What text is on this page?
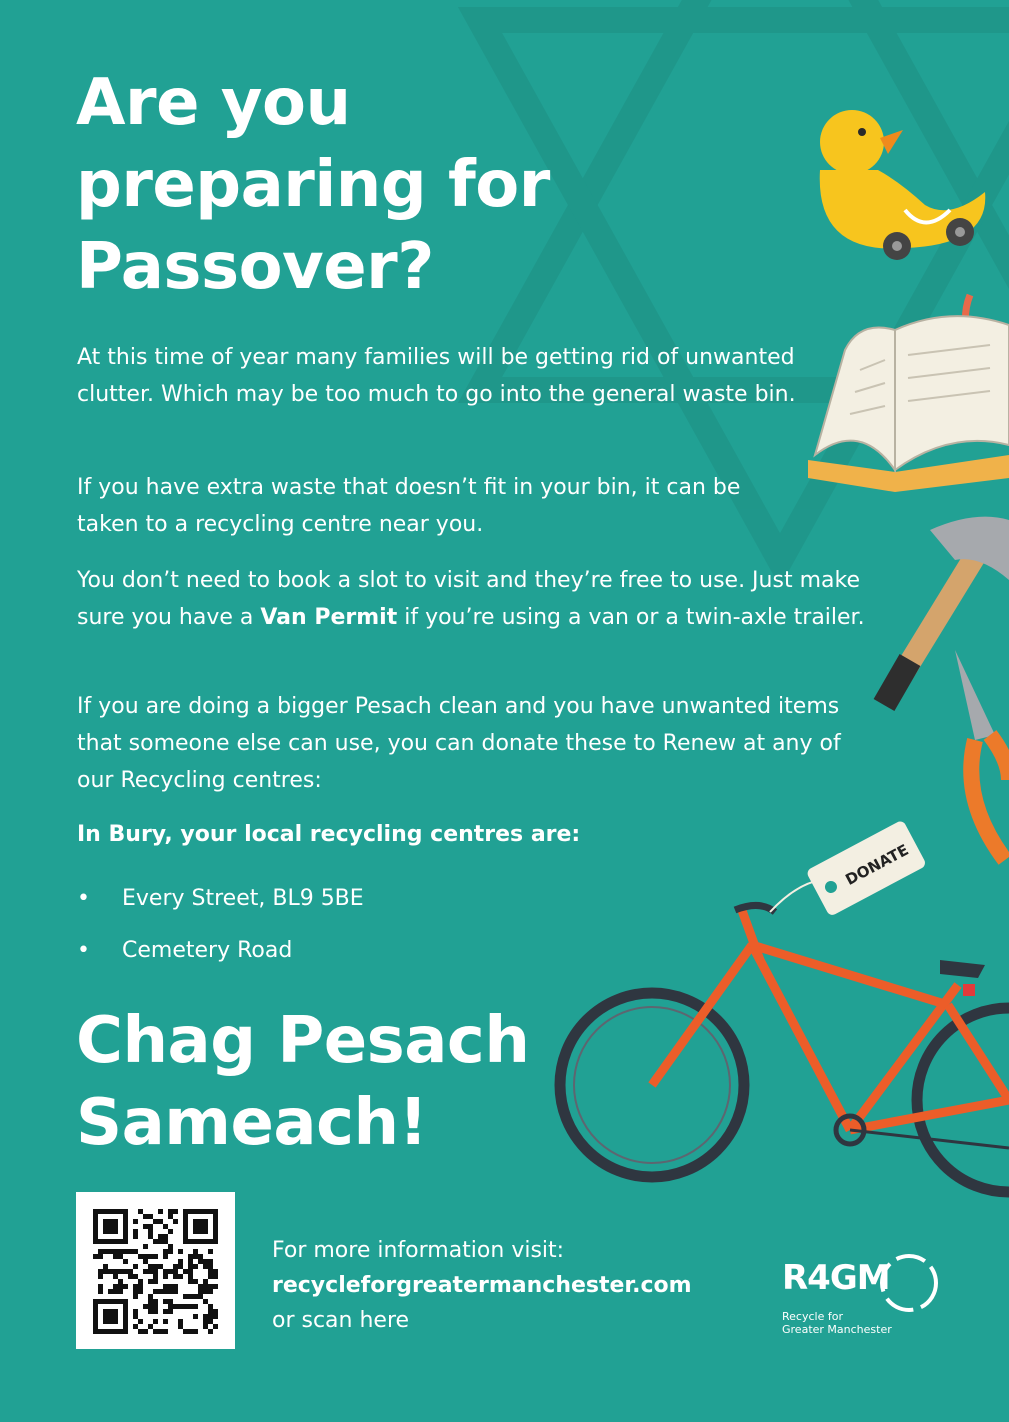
DONATE
Are you preparing for Passover?

At this time of year many families will be getting rid of unwanted clutter. Which may be too much to go into the general waste bin.

If you have extra waste that doesn’t fit in your bin, it can be taken to a recycling centre near you.

You don’t need to book a slot to visit and they’re free to use. Just make sure you have a Van Permit if you’re using a van or a twin-axle trailer.

If you are doing a bigger Pesach clean and you have unwanted items that someone else can use, you can donate these to Renew at any of our Recycling centres:

In Bury, your local recycling centres are:

• Every Street, BL9 5BE
• Cemetery Road
Chag Pesach Sameach!

For more information visit:
recycleforgreatermanchester.com
or scan here

R4GM
Recycle for
Greater Manchester
